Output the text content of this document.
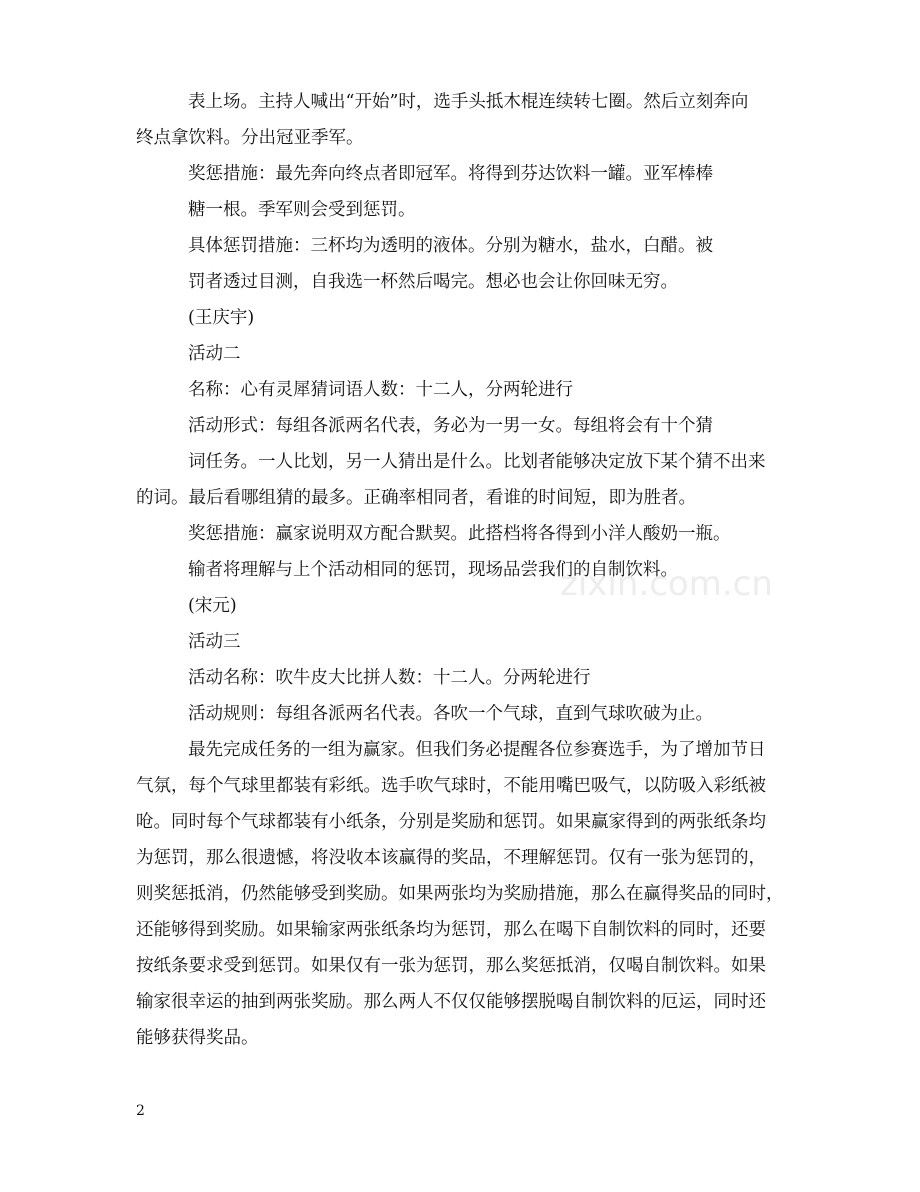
表上场。主持人喊出“开始”时，选手头抵木棍连续转七圈。然后立刻奔向
终点拿饮料。分出冠亚季军。
奖惩措施：最先奔向终点者即冠军。将得到芬达饮料一罐。亚军棒棒
糖一根。季军则会受到惩罚。
具体惩罚措施：三杯均为透明的液体。分别为糖水，盐水，白醋。被
罚者透过目测，自我选一杯然后喝完。想必也会让你回味无穷。
(王庆宇)
活动二
名称：心有灵犀猜词语人数：十二人，分两轮进行
活动形式：每组各派两名代表，务必为一男一女。每组将会有十个猜
词任务。一人比划，另一人猜出是什么。比划者能够决定放下某个猜不出来
的词。最后看哪组猜的最多。正确率相同者，看谁的时间短，即为胜者。
奖惩措施：赢家说明双方配合默契。此搭档将各得到小洋人酸奶一瓶。
输者将理解与上个活动相同的惩罚，现场品尝我们的自制饮料。
(宋元)
活动三
活动名称：吹牛皮大比拼人数：十二人。分两轮进行
活动规则：每组各派两名代表。各吹一个气球，直到气球吹破为止。
最先完成任务的一组为赢家。但我们务必提醒各位参赛选手，为了增加节日
气氛，每个气球里都装有彩纸。选手吹气球时，不能用嘴巴吸气，以防吸入彩纸被
呛。同时每个气球都装有小纸条，分别是奖励和惩罚。如果赢家得到的两张纸条均
为惩罚，那么很遗憾，将没收本该赢得的奖品，不理解惩罚。仅有一张为惩罚的，
则奖惩抵消，仍然能够受到奖励。如果两张均为奖励措施，那么在赢得奖品的同时，
还能够得到奖励。如果输家两张纸条均为惩罚，那么在喝下自制饮料的同时，还要
按纸条要求受到惩罚。如果仅有一张为惩罚，那么奖惩抵消，仅喝自制饮料。如果
输家很幸运的抽到两张奖励。那么两人不仅仅能够摆脱喝自制饮料的厄运，同时还
能够获得奖品。
zixin.com.cn
2
